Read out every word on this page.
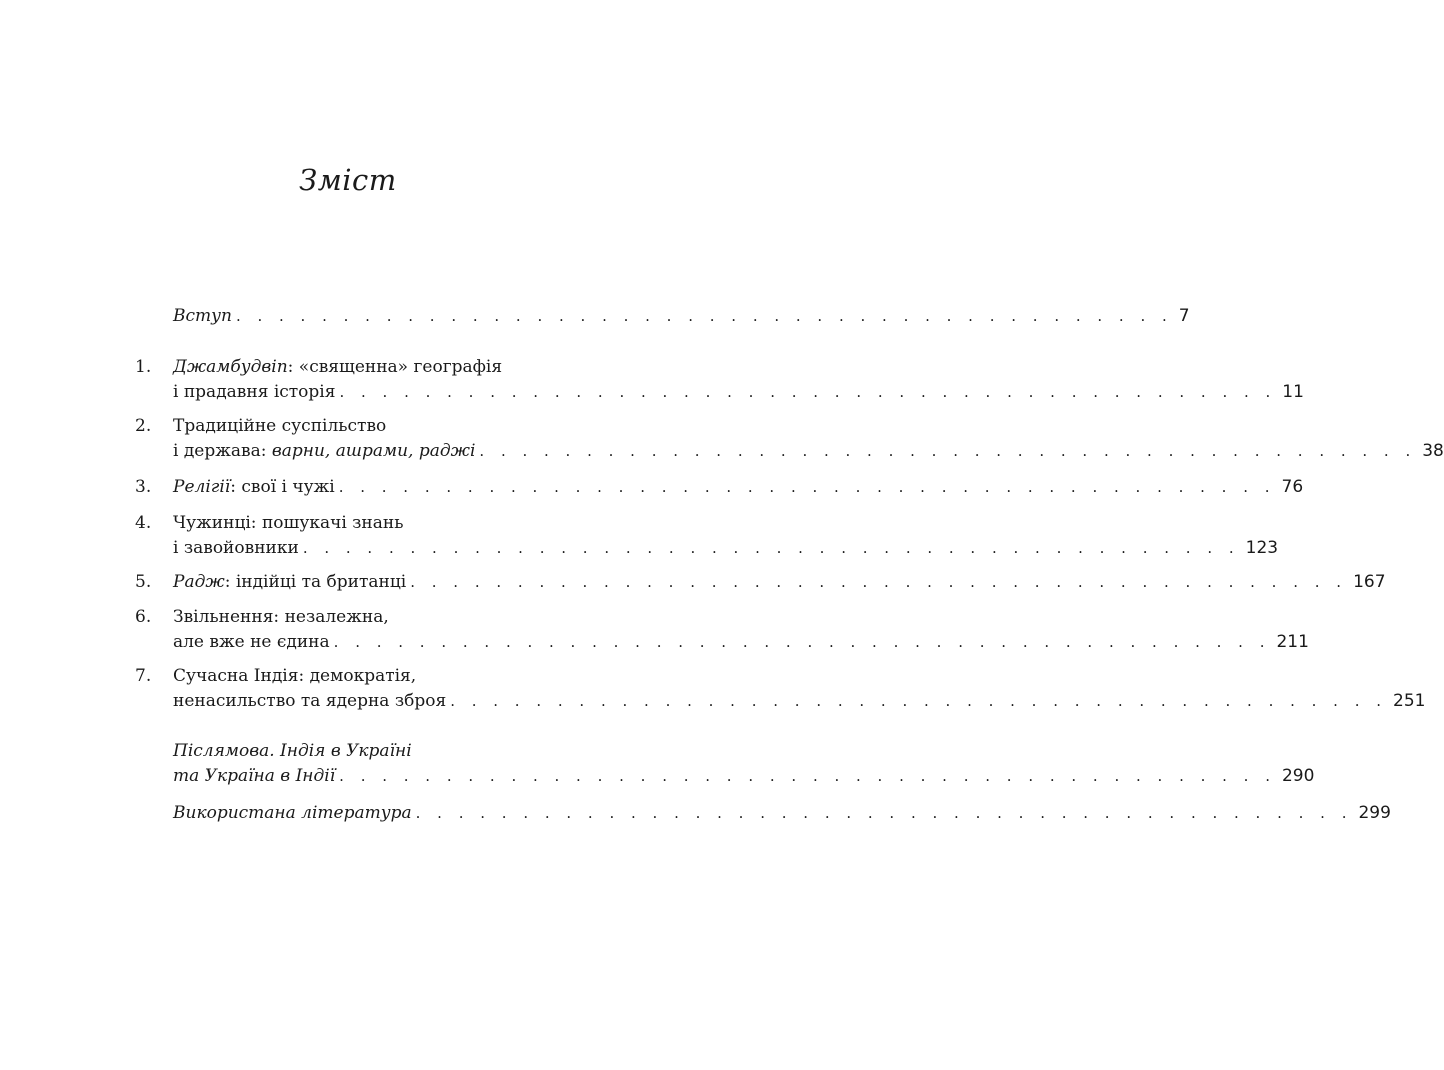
Зміст
Вступ . . . . . . . . . . . . . . . . . . . . . . . . . . . . . . . . . . . . . . . . . . . . 7
1. Джамбудвіп: «священна» географія
і прадавня історія . . . . . . . . . . . . . . . . . . . . . . . . . . . . . . . . . . . . . . . . . . . . 11
2. Традиційне суспільство
і держава: варни, ашрами, раджі . . . . . . . . . . . . . . . . . . . . . . . . . . . . . . . . . . . . . . . . . . . . 38
3. Релігії: свої і чужі . . . . . . . . . . . . . . . . . . . . . . . . . . . . . . . . . . . . . . . . . . . . 76
4. Чужинці: пошукачі знань
і завойовники . . . . . . . . . . . . . . . . . . . . . . . . . . . . . . . . . . . . . . . . . . . . 123
5. Радж: індійці та британці . . . . . . . . . . . . . . . . . . . . . . . . . . . . . . . . . . . . . . . . . . . . 167
6. Звільнення: незалежна,
але вже не єдина . . . . . . . . . . . . . . . . . . . . . . . . . . . . . . . . . . . . . . . . . . . . 211
7. Сучасна Індія: демократія,
ненасильство та ядерна зброя . . . . . . . . . . . . . . . . . . . . . . . . . . . . . . . . . . . . . . . . . . . . 251
Післямова. Індія в Україні
та Україна в Індії . . . . . . . . . . . . . . . . . . . . . . . . . . . . . . . . . . . . . . . . . . . . 290
Використана література . . . . . . . . . . . . . . . . . . . . . . . . . . . . . . . . . . . . . . . . . . . . 299
